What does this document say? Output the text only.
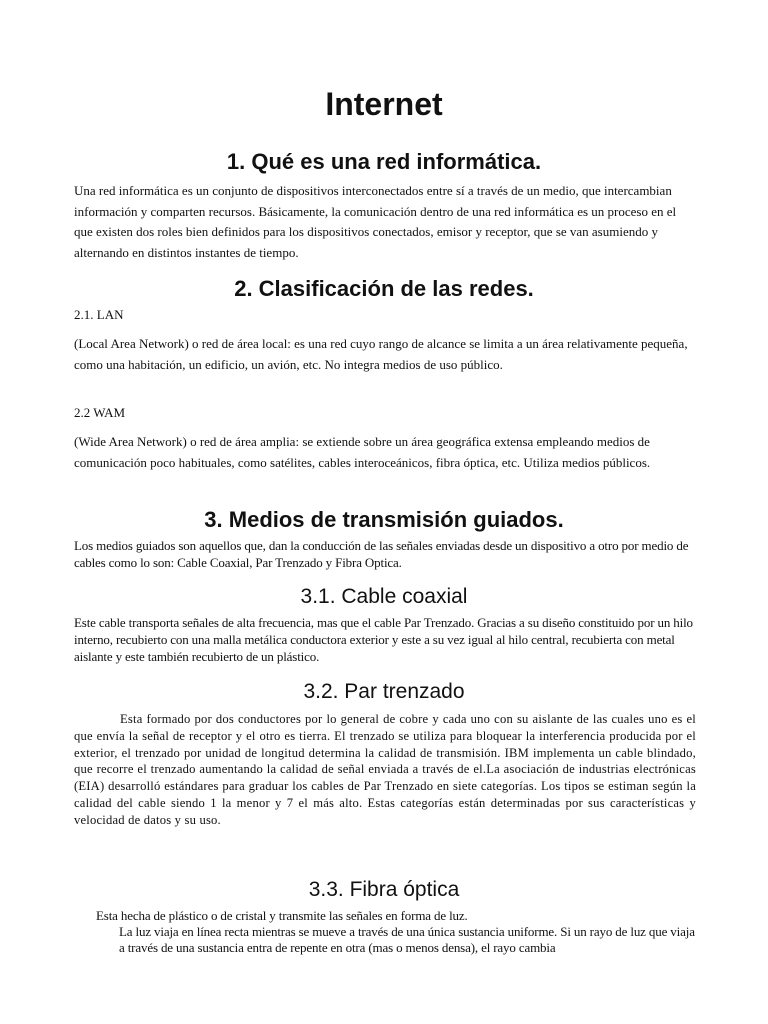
Internet
1. Qué es una red informática.

Una red informática es un conjunto de dispositivos interconectados entre sí a través de un medio, que intercambian información y comparten recursos. Básicamente, la comunicación dentro de una red informática es un proceso en el que existen dos roles bien definidos para los dispositivos conectados, emisor y receptor, que se van asumiendo y alternando en distintos instantes de tiempo.

2. Clasificación de las redes.

2.1. LAN

(Local Area Network) o red de área local: es una red cuyo rango de alcance se limita a un área relativamente pequeña, como una habitación, un edificio, un avión, etc. No integra medios de uso público.

2.2 WAM

(Wide Area Network) o red de área amplia: se extiende sobre un área geográfica extensa empleando medios de comunicación poco habituales, como satélites, cables interoceánicos, fibra óptica, etc. Utiliza medios públicos.

3. Medios de transmisión guiados.

Los medios guiados son aquellos que, dan la conducción de las señales enviadas desde un dispositivo a otro por medio de cables como lo son: Cable Coaxial, Par Trenzado y Fibra Optica.

3.1. Cable coaxial

Este cable transporta señales de alta frecuencia, mas que el cable Par Trenzado. Gracias a su diseño constituido por un hilo interno, recubierto con una malla metálica conductora exterior y este a su vez igual al hilo central, recubierta con metal aislante y este también recubierto de un plástico.

3.2. Par trenzado

Esta formado por dos conductores por lo general de cobre y cada uno con su aislante de las cuales uno es el que envía la señal de receptor y el otro es tierra. El trenzado se utiliza para bloquear la interferencia producida por el exterior, el trenzado por unidad de longitud determina la calidad de transmisión. IBM implementa un cable blindado, que recorre el trenzado aumentando la calidad de señal enviada a través de el.La asociación de industrias electrónicas (EIA) desarrolló estándares para graduar los cables de Par Trenzado en siete categorías. Los tipos se estiman según la calidad del cable siendo 1 la menor y 7 el más alto. Estas categorías están determinadas por sus características y velocidad de datos y su uso.

3.3. Fibra óptica

Esta hecha de plástico o de cristal y transmite las señales en forma de luz.

La luz viaja en línea recta mientras se mueve a través de una única sustancia uniforme. Si un rayo de luz que viaja a través de una sustancia entra de repente en otra (mas o menos densa), el rayo cambia
